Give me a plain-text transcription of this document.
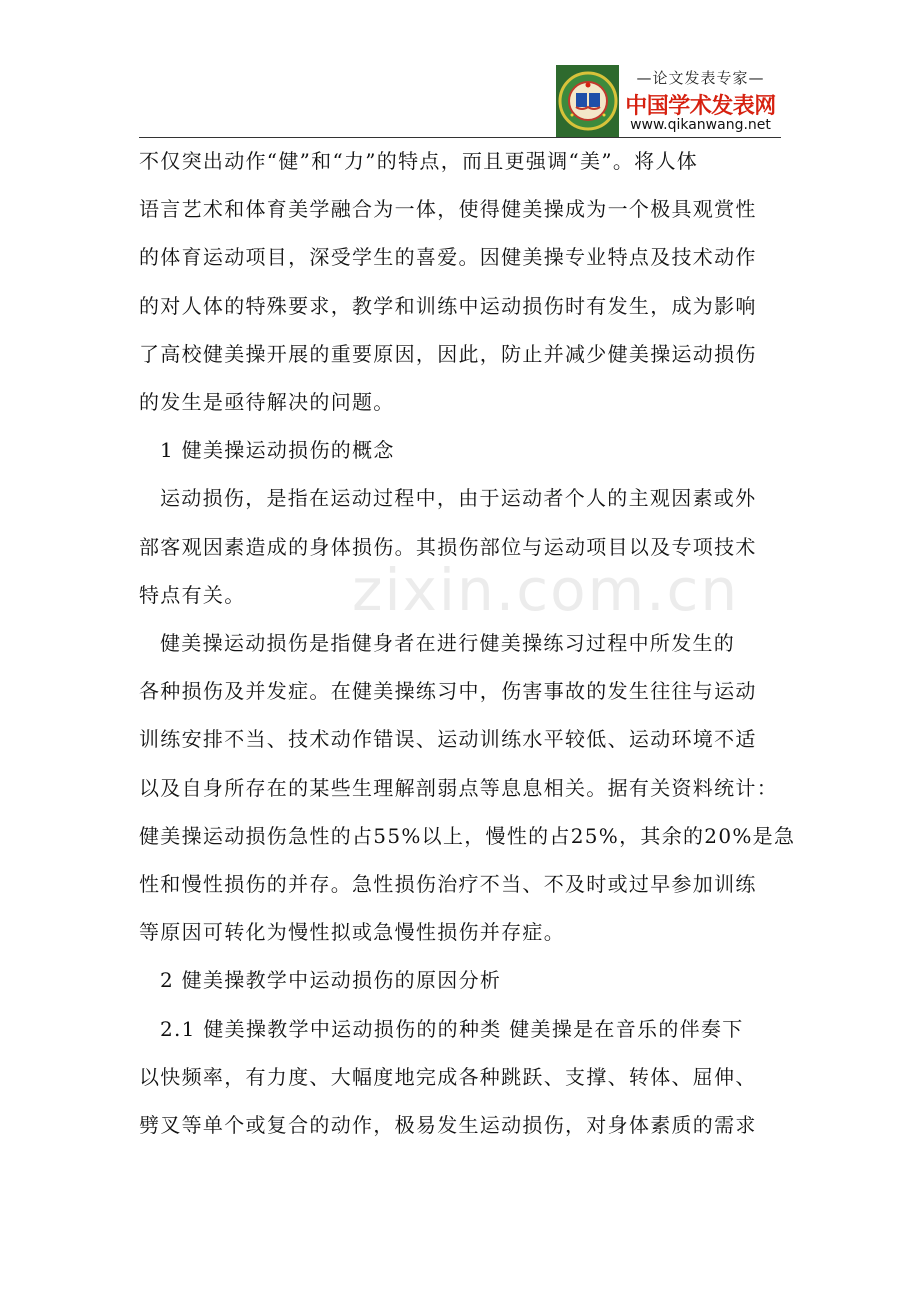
—论文发表专家—
中国学术发表网
www.qikanwang.net
zixin.com.cn
不仅突出动作“健”和“力”的特点，而且更强调“美”。将人体
语言艺术和体育美学融合为一体，使得健美操成为一个极具观赏性
的体育运动项目，深受学生的喜爱。因健美操专业特点及技术动作
的对人体的特殊要求，教学和训练中运动损伤时有发生，成为影响
了高校健美操开展的重要原因，因此，防止并减少健美操运动损伤
的发生是亟待解决的问题。
1 健美操运动损伤的概念
运动损伤，是指在运动过程中，由于运动者个人的主观因素或外
部客观因素造成的身体损伤。其损伤部位与运动项目以及专项技术
特点有关。
健美操运动损伤是指健身者在进行健美操练习过程中所发生的
各种损伤及并发症。在健美操练习中，伤害事故的发生往往与运动
训练安排不当、技术动作错误、运动训练水平较低、运动环境不适
以及自身所存在的某些生理解剖弱点等息息相关。据有关资料统计：
健美操运动损伤急性的占55%以上，慢性的占25%，其余的20%是急
性和慢性损伤的并存。急性损伤治疗不当、不及时或过早参加训练
等原因可转化为慢性拟或急慢性损伤并存症。
2 健美操教学中运动损伤的原因分析
2.1 健美操教学中运动损伤的的种类 健美操是在音乐的伴奏下
以快频率，有力度、大幅度地完成各种跳跃、支撑、转体、屈伸、
劈叉等单个或复合的动作，极易发生运动损伤，对身体素质的需求
